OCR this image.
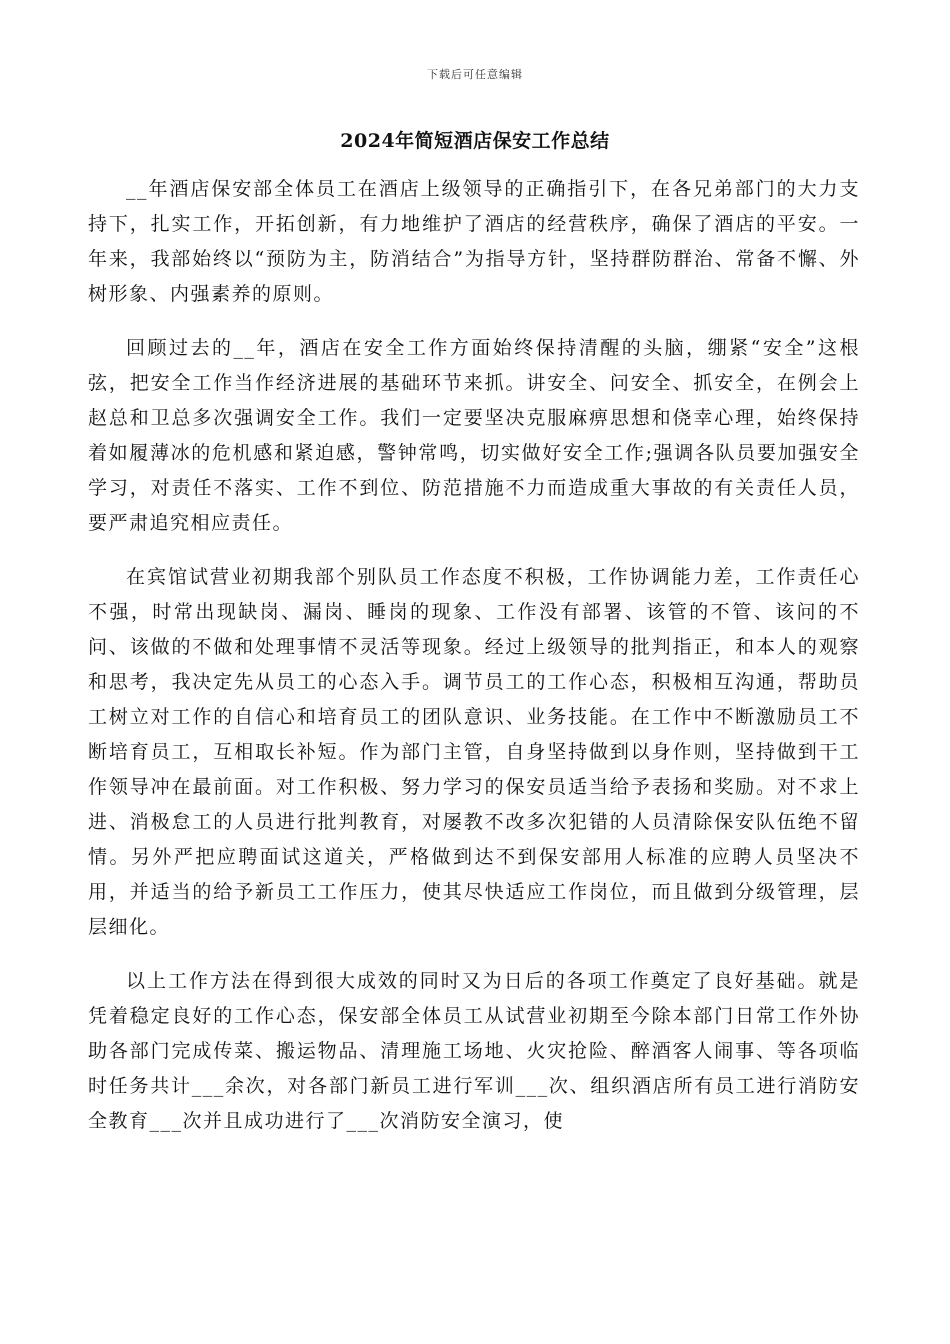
下载后可任意编辑
2024年简短酒店保安工作总结

__年酒店保安部全体员工在酒店上级领导的正确指引下，在各兄弟部门的大力支持下，扎实工作，开拓创新，有力地维护了酒店的经营秩序，确保了酒店的平安。一年来，我部始终以“预防为主，防消结合”为指导方针，坚持群防群治、常备不懈、外树形象、内强素养的原则。

回顾过去的__年，酒店在安全工作方面始终保持清醒的头脑，绷紧“安全”这根弦，把安全工作当作经济进展的基础环节来抓。讲安全、问安全、抓安全，在例会上赵总和卫总多次强调安全工作。我们一定要坚决克服麻痹思想和侥幸心理，始终保持着如履薄冰的危机感和紧迫感，警钟常鸣，切实做好安全工作;强调各队员要加强安全学习，对责任不落实、工作不到位、防范措施不力而造成重大事故的有关责任人员，要严肃追究相应责任。

在宾馆试营业初期我部个别队员工作态度不积极，工作协调能力差，工作责任心不强，时常出现缺岗、漏岗、睡岗的现象、工作没有部署、该管的不管、该问的不问、该做的不做和处理事情不灵活等现象。经过上级领导的批判指正，和本人的观察和思考，我决定先从员工的心态入手。调节员工的工作心态，积极相互沟通，帮助员工树立对工作的自信心和培育员工的团队意识、业务技能。在工作中不断激励员工不断培育员工，互相取长补短。作为部门主管，自身坚持做到以身作则，坚持做到干工作领导冲在最前面。对工作积极、努力学习的保安员适当给予表扬和奖励。对不求上进、消极怠工的人员进行批判教育，对屡教不改多次犯错的人员清除保安队伍绝不留情。另外严把应聘面试这道关，严格做到达不到保安部用人标准的应聘人员坚决不用，并适当的给予新员工工作压力，使其尽快适应工作岗位，而且做到分级管理，层层细化。

以上工作方法在得到很大成效的同时又为日后的各项工作奠定了良好基础。就是凭着稳定良好的工作心态，保安部全体员工从试营业初期至今除本部门日常工作外协助各部门完成传菜、搬运物品、清理施工场地、火灾抢险、醉酒客人闹事、等各项临时任务共计___余次，对各部门新员工进行军训___次、组织酒店所有员工进行消防安全教育___次并且成功进行了___次消防安全演习，使
